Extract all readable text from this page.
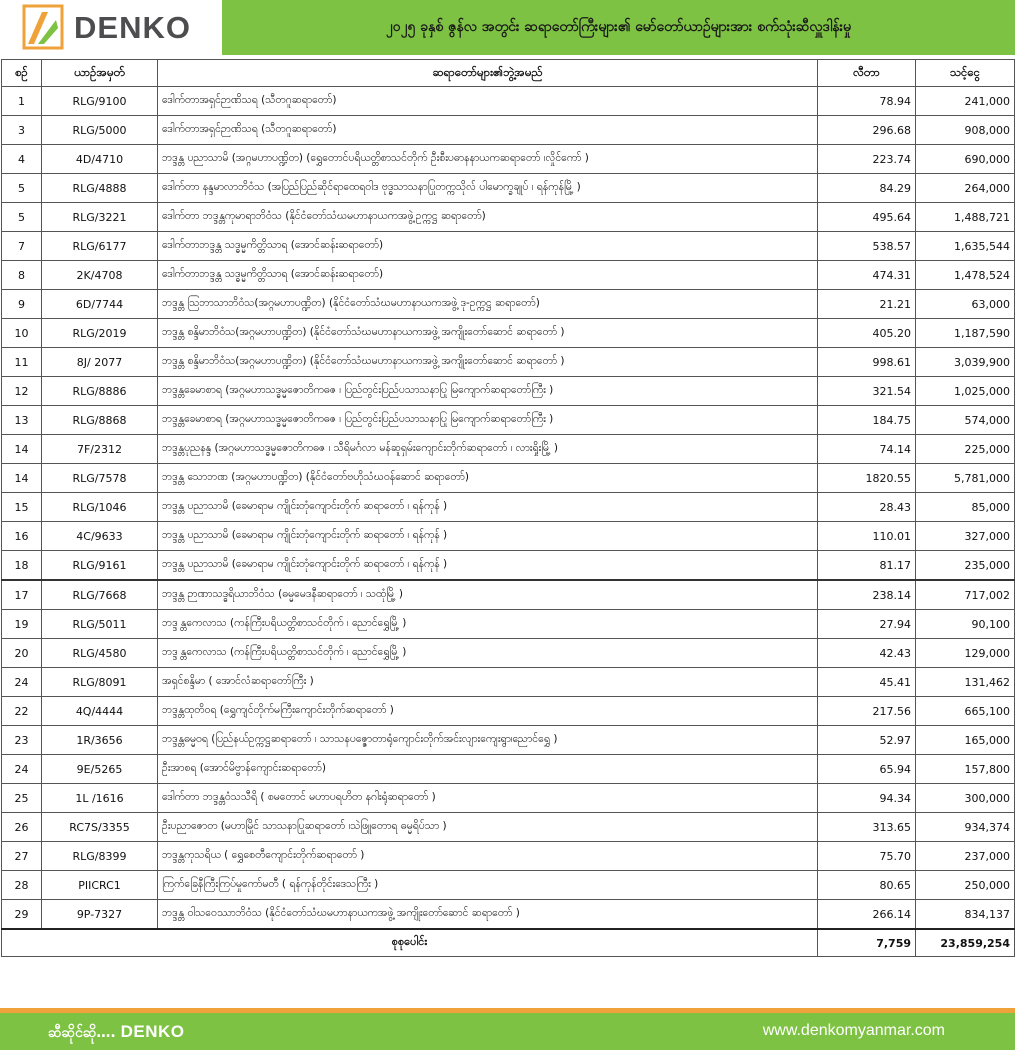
DENKO	၂၀၂၅ ခုနှစ် ဇွန်လ အတွင်း ဆရာတော်ကြီးများ၏ မော်တော်ယာဉ်များအား စက်သုံးဆီလှူဒါန်းမှု
စဉ်	ယာဉ်အမှတ်	ဆရာတော်များ၏ဘွဲ့အမည်	လီတာ	သင့်ငွေ
1	RLG/9100	ဒေါက်တာအရှင်ဉာဏိသရ (သီတဂူဆရာတော်)	78.94	241,000
3	RLG/5000	ဒေါက်တာအရှင်ဉာဏိသရ (သီတဂူဆရာတော်)	296.68	908,000
4	4D/4710	ဘဒ္ဒန္တ ပညာသာမိ (အဂ္ဂမဟာပဏ္ဍိတ) (ရွှေတောင်ပရိယတ္တိစာသင်တိုက် ဦးစီးပဓာနနာယကဆရာတော် ၊လှိုင်ကော် )	223.74	690,000
5	RLG/4888	ဒေါက်တာ နန္ဒမာလာဘိဝံသ (အပြည်ပြည်ဆိုင်ရာထေရဝါဒ ဗုဒ္ဓသာသနာပြုတက္ကသိုလ် ပါမောက္ခချုပ် ၊ ရန်ကုန်မြို့ )	84.29	264,000
5	RLG/3221	ဒေါက်တာ ဘဒ္ဒန္တကုမာရာဘိဝံသ (နိုင်ငံတော်သံဃမဟာနာယကအဖွဲ့ဥက္ကဋ္ဌ ဆရာတော်)	495.64	1,488,721
7	RLG/6177	ဒေါက်တာဘဒ္ဒန္တ သဒ္ဓမ္မကိတ္တိသာရ (အောင်ဆန်းဆရာတော်)	538.57	1,635,544
8	2K/4708	ဒေါက်တာဘဒ္ဒန္တ သဒ္ဓမ္မကိတ္တိသာရ (အောင်ဆန်းဆရာတော်)	474.31	1,478,524
9	6D/7744	ဘဒ္ဒန္တ ဩဘာသာဘိဝံသ(အဂ္ဂမဟာပဏ္ဍိတ) (နိုင်ငံတော်သံဃမဟာနာယကအဖွဲ့ ဒု-ဥက္ကဋ္ဌ ဆရာတော်)	21.21	63,000
10	RLG/2019	ဘဒ္ဒန္တ စန္ဒိမာဘိဝံသ(အဂ္ဂမဟာပဏ္ဍိတ) (နိုင်ငံတော်သံဃမဟာနာယကအဖွဲ့ အကျိုးတော်ဆောင် ဆရာတော် )	405.20	1,187,590
11	8J/ 2077	ဘဒ္ဒန္တ စန္ဒိမာဘိဝံသ(အဂ္ဂမဟာပဏ္ဍိတ) (နိုင်ငံတော်သံဃမဟာနာယကအဖွဲ့ အကျိုးတော်ဆောင် ဆရာတော် )	998.61	3,039,900
12	RLG/8886	ဘဒ္ဒန္တခေမာစာရ (အဂ္ဂမဟာသဒ္ဓမ္မဇောတိကဓဇ ၊ ပြည်တွင်းပြည်ပသာသနာပြု မြကျောက်ဆရာတော်ကြီး )	321.54	1,025,000
13	RLG/8868	ဘဒ္ဒန္တခေမာစာရ (အဂ္ဂမဟာသဒ္ဓမ္မဇောတိကဓဇ ၊ ပြည်တွင်းပြည်ပသာသနာပြု မြကျောက်ဆရာတော်ကြီး )	184.75	574,000
14	7F/2312	ဘဒ္ဒန္တပုညနန္ဒ (အဂ္ဂမဟာသဒ္ဓမ္မဇောတိကဓဇ ၊ သီရိမင်္ဂလာ မန်ဆူရှမ်းကျောင်းတိုက်ဆရာတော် ၊ လားရှိုးမြို့ )	74.14	225,000
14	RLG/7578	ဘဒ္ဒန္တ သောဘဏ (အဂ္ဂမဟာပဏ္ဍိတ) (နိုင်ငံတော်ဗဟိုသံဃဝန်ဆောင် ဆရာတော်)	1820.55	5,781,000
15	RLG/1046	ဘဒ္ဒန္တ ပညာသာမိ (ခေမာရာမ ကျိုင်းတုံကျောင်းတိုက် ဆရာတော် ၊ ရန်ကုန် )	28.43	85,000
16	4C/9633	ဘဒ္ဒန္တ ပညာသာမိ (ခေမာရာမ ကျိုင်းတုံကျောင်းတိုက် ဆရာတော် ၊ ရန်ကုန် )	110.01	327,000
18	RLG/9161	ဘဒ္ဒန္တ ပညာသာမိ (ခေမာရာမ ကျိုင်းတုံကျောင်းတိုက် ဆရာတော် ၊ ရန်ကုန် )	81.17	235,000
17	RLG/7668	ဘဒ္ဒန္တ ဉာဏာသဒ္ဓရိယာဘိဝံသ (ဓမ္မမေဒနီဆရာတော် ၊ သထုံမြို့ )	238.14	717,002
19	RLG/5011	ဘဒ္ဒ န္တကေလာသ (ကန်ကြီးပရိယတ္တိစာသင်တိုက် ၊ ညောင်ရွှေမြို့ )	27.94	90,100
20	RLG/4580	ဘဒ္ဒ န္တကေလာသ (ကန်ကြီးပရိယတ္တိစာသင်တိုက် ၊ ညောင်ရွှေမြို့ )	42.43	129,000
24	RLG/8091	အရှင်စန္ဒိမာ ( အောင်လံဆရာတော်ကြီး )	45.41	131,462
22	4Q/4444	ဘဒ္ဒန္တထုတိဝရ (ရွှေကျင်တိုက်မကြီးကျောင်းတိုက်ဆရာတော် )	217.56	665,100
23	1R/3656	ဘဒ္ဒန္တဓမ္မဝရ (ပြည်နယ်ဥက္ကဋ္ဌဆရာတော် ၊ သာသနပဇ္ဇောတာရုံကျောင်းတိုက်အင်းလျားကျေးရွာ၊ညောင်ရွှေ )	52.97	165,000
24	9E/5265	ဦးအာစရ (အောင်မိဗ္ဗာန်ကျောင်းဆရာတော်)	65.94	157,800
25	1L /1616	ဒေါက်တာ ဘဒ္ဒန္တဝံသသီရိ ( စမတောင် မဟာပရဟိတ နဂါးရုံဆရာတော် )	94.34	300,000
26	RC7S/3355	ဦးပညာဇောတ (မဟာမြိုင် သာသနာပြုဆရာတော် ၊သဲဖြူတောရ ဓမ္မရိပ်သာ )	313.65	934,374
27	RLG/8399	ဘဒ္ဒန္တကုသရိယ ( ရွှေစေတီကျောင်းတိုက်ဆရာတော် )	75.70	237,000
28	PIICRC1	ကြက်ခြေနီကြီးကြပ်မှုကော်မတီ ( ရန်ကုန်တိုင်းဒေသကြီး )	80.65	250,000
29	9P-7327	ဘဒ္ဒန္တ ဝါသဝေဿာဘိဝံသ (နိုင်ငံတော်သံဃမဟာနာယကအဖွဲ့ အကျိုးတော်ဆောင် ဆရာတော် )	266.14	834,137
စုစုပေါင်း			7,759	23,859,254
ဆီဆိုင်ဆို…. DENKO	www.denkomyanmar.com
